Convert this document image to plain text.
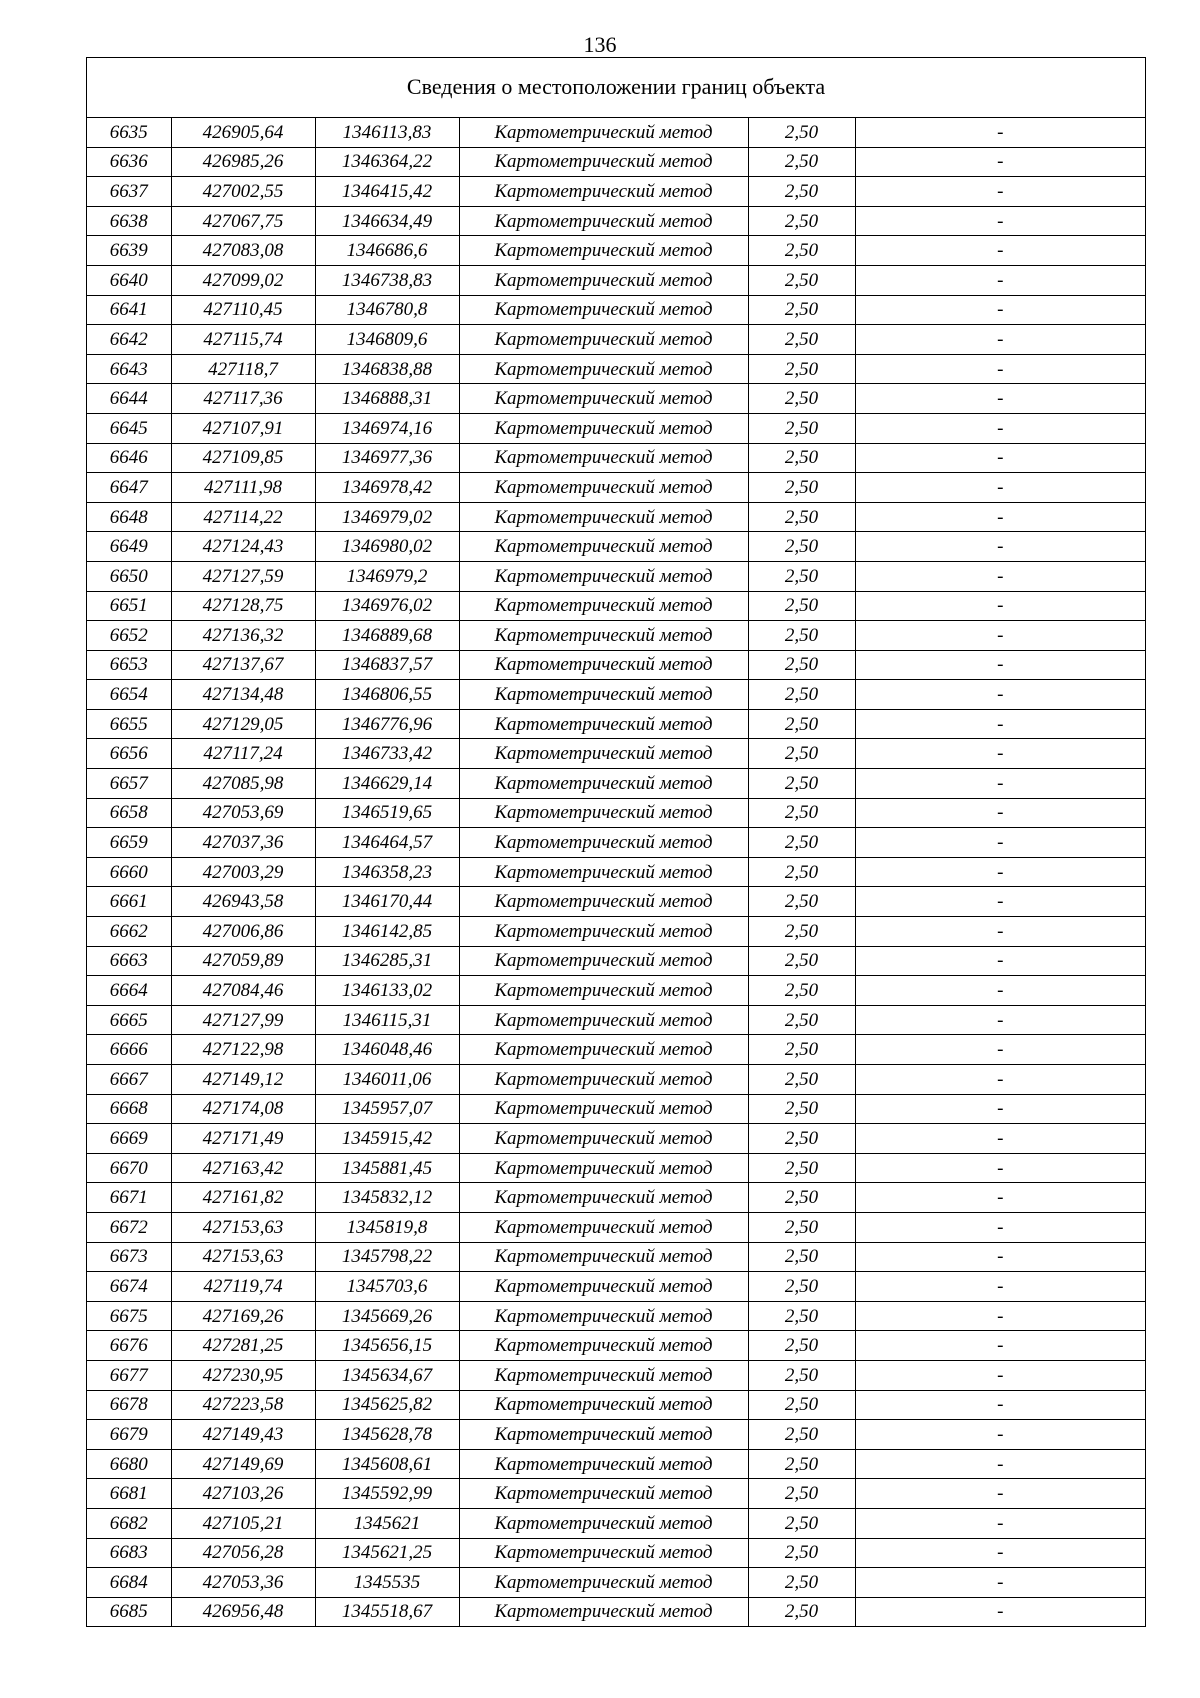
136
Сведения о местоположении границ объекта
6635	426905,64	1346113,83	Картометрический метод	2,50	-
6636	426985,26	1346364,22	Картометрический метод	2,50	-
6637	427002,55	1346415,42	Картометрический метод	2,50	-
6638	427067,75	1346634,49	Картометрический метод	2,50	-
6639	427083,08	1346686,6	Картометрический метод	2,50	-
6640	427099,02	1346738,83	Картометрический метод	2,50	-
6641	427110,45	1346780,8	Картометрический метод	2,50	-
6642	427115,74	1346809,6	Картометрический метод	2,50	-
6643	427118,7	1346838,88	Картометрический метод	2,50	-
6644	427117,36	1346888,31	Картометрический метод	2,50	-
6645	427107,91	1346974,16	Картометрический метод	2,50	-
6646	427109,85	1346977,36	Картометрический метод	2,50	-
6647	427111,98	1346978,42	Картометрический метод	2,50	-
6648	427114,22	1346979,02	Картометрический метод	2,50	-
6649	427124,43	1346980,02	Картометрический метод	2,50	-
6650	427127,59	1346979,2	Картометрический метод	2,50	-
6651	427128,75	1346976,02	Картометрический метод	2,50	-
6652	427136,32	1346889,68	Картометрический метод	2,50	-
6653	427137,67	1346837,57	Картометрический метод	2,50	-
6654	427134,48	1346806,55	Картометрический метод	2,50	-
6655	427129,05	1346776,96	Картометрический метод	2,50	-
6656	427117,24	1346733,42	Картометрический метод	2,50	-
6657	427085,98	1346629,14	Картометрический метод	2,50	-
6658	427053,69	1346519,65	Картометрический метод	2,50	-
6659	427037,36	1346464,57	Картометрический метод	2,50	-
6660	427003,29	1346358,23	Картометрический метод	2,50	-
6661	426943,58	1346170,44	Картометрический метод	2,50	-
6662	427006,86	1346142,85	Картометрический метод	2,50	-
6663	427059,89	1346285,31	Картометрический метод	2,50	-
6664	427084,46	1346133,02	Картометрический метод	2,50	-
6665	427127,99	1346115,31	Картометрический метод	2,50	-
6666	427122,98	1346048,46	Картометрический метод	2,50	-
6667	427149,12	1346011,06	Картометрический метод	2,50	-
6668	427174,08	1345957,07	Картометрический метод	2,50	-
6669	427171,49	1345915,42	Картометрический метод	2,50	-
6670	427163,42	1345881,45	Картометрический метод	2,50	-
6671	427161,82	1345832,12	Картометрический метод	2,50	-
6672	427153,63	1345819,8	Картометрический метод	2,50	-
6673	427153,63	1345798,22	Картометрический метод	2,50	-
6674	427119,74	1345703,6	Картометрический метод	2,50	-
6675	427169,26	1345669,26	Картометрический метод	2,50	-
6676	427281,25	1345656,15	Картометрический метод	2,50	-
6677	427230,95	1345634,67	Картометрический метод	2,50	-
6678	427223,58	1345625,82	Картометрический метод	2,50	-
6679	427149,43	1345628,78	Картометрический метод	2,50	-
6680	427149,69	1345608,61	Картометрический метод	2,50	-
6681	427103,26	1345592,99	Картометрический метод	2,50	-
6682	427105,21	1345621	Картометрический метод	2,50	-
6683	427056,28	1345621,25	Картометрический метод	2,50	-
6684	427053,36	1345535	Картометрический метод	2,50	-
6685	426956,48	1345518,67	Картометрический метод	2,50	-
